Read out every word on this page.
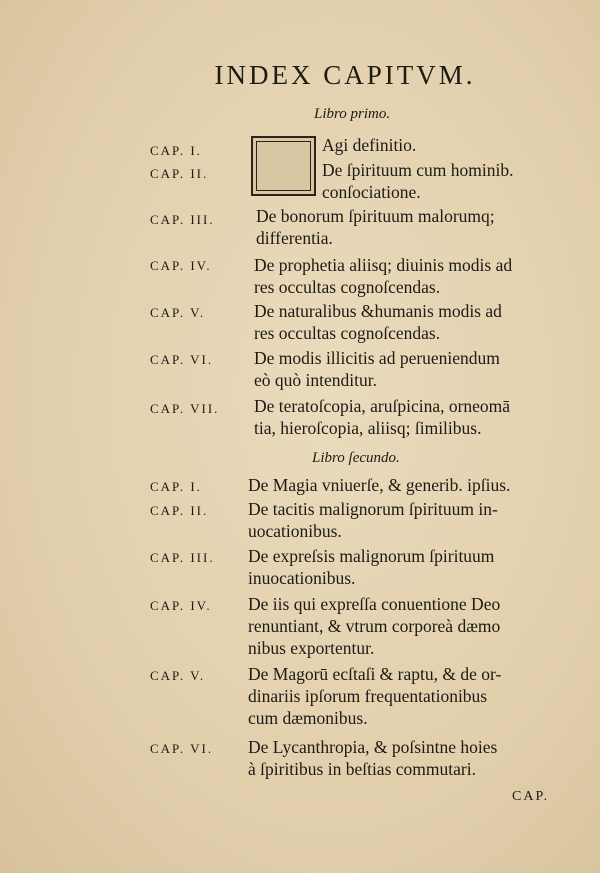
INDEX CAPITVM.
Libro primo.
CAP. I.	Agi definitio.
CAP. II.	De ſpirituum cum hominib.
conſociatione.
CAP. III. De bonorum ſpirituum malorumq;
differentia.
CAP. IV. De prophetia aliisq; diuinis modis ad
res occultas cognoſcendas.
CAP. V.	De naturalibus &humanis modis ad
res occultas cognoſcendas.
CAP. VI. De modis illicitis ad perueniendum
eò quò intenditur.
CAP. VII. De teratoſcopia, aruſpicina, orneomā
tia, hieroſcopia, aliisq; ſimilibus.
Libro ſecundo.
CAP. I.	De Magia vniuerſe, & generib. ipſius.
CAP. II. De tacitis malignorum ſpirituum in-
uocationibus.
CAP. III. De expreſsis malignorum ſpirituum
inuocationibus.
CAP. IV. De iis qui expreſſa conuentione Deo
renuntiant, & vtrum corporeà dæmo
nibus exportentur.
CAP. V. De Magorū ecſtaſi & raptu, & de or-
dinariis ipſorum frequentationibus
cum dæmonibus.
CAP. VI. De Lycanthropia, & poſsintne hoies
à ſpiritibus in beſtias commutari.
CAP.
